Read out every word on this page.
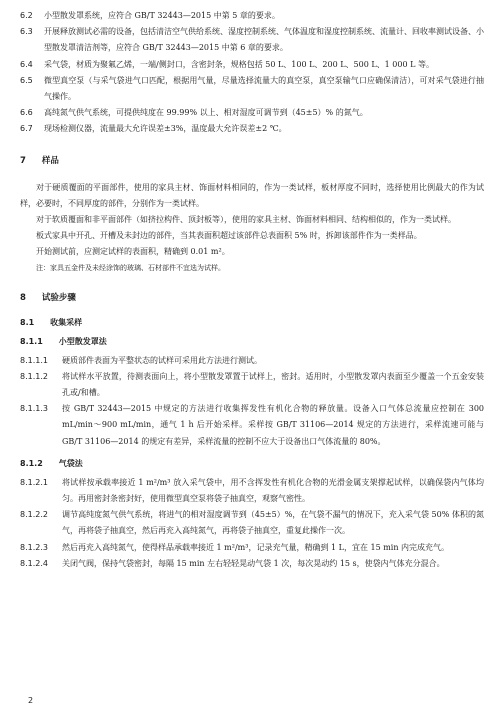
6.2	小型散发罩系统，应符合 GB/T 32443—2015 中第 5 章的要求。

6.3	开展释放测试必需的设备，包括清洁空气供给系统、湿度控制系统、气体温度和湿度控制系统、流量计、回收率测试设备、小型散发罩清洁剂等，应符合 GB/T 32443—2015 中第 6 章的要求。

6.4	采气袋，材质为聚氟乙烯，一端/侧封口，含密封条，规格包括 50 L、100 L、200 L、500 L、1 000 L 等。

6.5	微型真空泵（与采气袋进气口匹配，根据用气量，尽量选择流量大的真空泵，真空泵输气口应确保清洁），可对采气袋进行抽气操作。

6.6	高纯氮气供气系统，可提供纯度在 99.99% 以上、相对湿度可调节到（45±5）% 的氮气。

6.7	现场检测仪器，流量最大允许误差±3%，温度最大允许误差±2 ℃。

7 样品

对于硬质覆面的平面部件，使用的家具主材、饰面材料相同的，作为一类试样，板材厚度不同时，选择使用比例最大的作为试样，必要时，不同厚度的部件，分别作为一类试样。

对于软质覆面和非平面部件（如挤拉构件、顶封板等），使用的家具主材、饰面材料相同、结构相似的，作为一类试样。

板式家具中开孔、开槽及未封边的部件，当其表面积超过该部件总表面积 5% 时，拆卸该部件作为一类样品。

开始测试前，应测定试样的表面积，精确到 0.01 m²。

注：家具五金件及未经涂饰的玻璃、石材部件不宜选为试样。

8 试验步骤
8.1 收集采样
8.1.1 小型散发罩法

8.1.1.1	硬质部件表面为平整状态的试样可采用此方法进行测试。

8.1.1.2	将试样水平放置，待测表面向上，将小型散发罩置于试样上，密封。适用时，小型散发罩内表面至少覆盖一个五金安装孔或/和槽。

8.1.1.3	按 GB/T 32443—2015 中规定的方法进行收集挥发性有机化合物的释放量。设备入口气体总流量应控制在 300 mL/min～900 mL/min，通气 1 h 后开始采样。采样按 GB/T 31106—2014 规定的方法进行，采样流速可能与 GB/T 31106—2014 的规定有差异，采样流量的控制不应大于设备出口气体流量的 80%。

8.1.2 气袋法

8.1.2.1	将试样按承载率接近 1 m²/m³ 放入采气袋中，用不含挥发性有机化合物的光滑金属支架撑起试样，以确保袋内气体均匀。再用密封条密封好，使用微型真空泵将袋子抽真空，观察气密性。

8.1.2.2	调节高纯度氮气供气系统，将进气的相对湿度调节到（45±5）%，在气袋不漏气的情况下，充入采气袋 50% 体积的氮气，再将袋子抽真空，然后再充入高纯氮气，再将袋子抽真空，重复此操作一次。

8.1.2.3	然后再充入高纯氮气，使得样品承载率接近 1 m²/m³，记录充气量，精确到 1 L，宜在 15 min 内完成充气。

8.1.2.4	关闭气阀，保持气袋密封，每隔 15 min 左右轻轻晃动气袋 1 次，每次晃动约 15 s，使袋内气体充分混合。

2
